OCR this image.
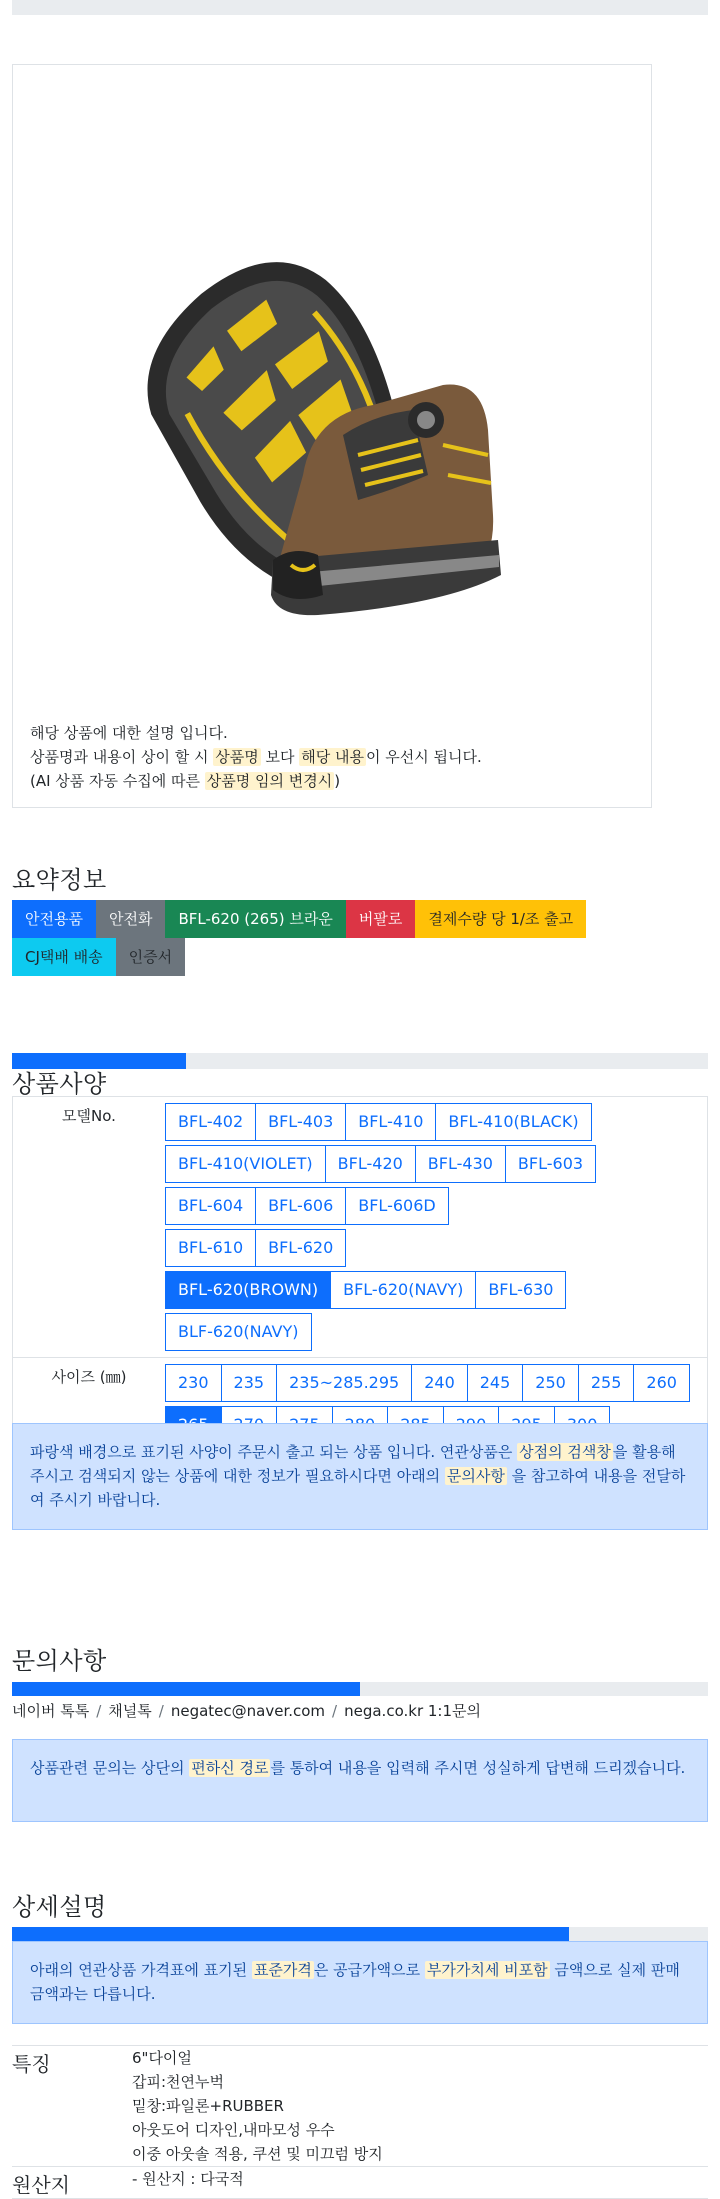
해당 상품에 대한 설명 입니다.
상품명과 내용이 상이 할 시 상품명 보다 해당 내용 이 우선시 됩니다.
(AI 상품 자동 수집에 따른 상품명 임의 변경시 )
요약정보
안전용품	안전화	BFL-620 (265) 브라운	버팔로	결제수량 당 1/조 출고
CJ택배 배송	인증서
상품사양
모델No.	BFL-402	BFL-403	BFL-410	BFL-410(BLACK)
BFL-410(VIOLET)	BFL-420	BFL-430	BFL-603
BFL-604	BFL-606	BFL-606D
BFL-610	BFL-620
BFL-620(BROWN)	BFL-620(NAVY)	BFL-630
BLF-620(NAVY)
사이즈 (㎜)	230	235	235~285.295	240	245	250	255	260
파랑색 배경으로 표기된 사양이 주문시 출고 되는 상품 입니다. 연관상품은 상점의 검색창 을 활용해 주시고 검색되지 않는 상품에 대한 정보가 필요하시다면 아래의 문의사항 을 참고하여 내용을 전달하여 주시기 바랍니다.
문의사항
네이버 톡톡 / 채널톡 / negatec@naver.com / nega.co.kr 1:1문의
상품관련 문의는 상단의 편하신 경로 를 통하여 내용을 입력해 주시면 성실하게 답변해 드리겠습니다.
상세설명
아래의 연관상품 가격표에 표기된 표준가격 은 공급가액으로 부가가치세 비포함 금액으로 실제 판매금액과는 다릅니다.
특징	6"다이얼
갑피:천연누벅
밑창:파일론+RUBBER
아웃도어 디자인,내마모성 우수
이중 아웃솔 적용, 쿠션 및 미끄럼 방지
원산지	- 원산지 : 다국적
